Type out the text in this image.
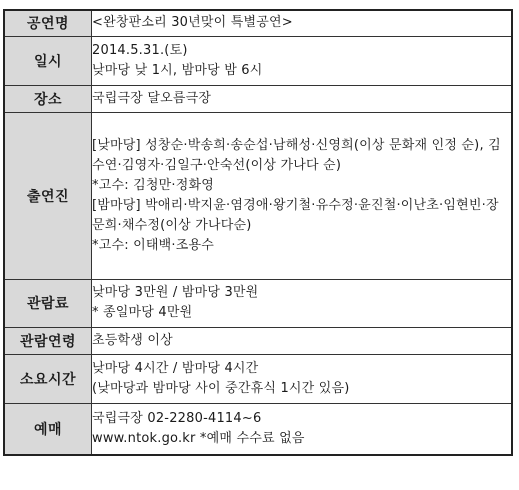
공연명	<완창판소리 30년맞이 특별공연>

일시	2014.5.31.(토)
낮마당 낮 1시, 밤마당 밤 6시

장소	국립극장 달오름극장

출연진	[낮마당] 성창순·박송희·송순섭·남해성·신영희(이상 문화재 인정 순), 김수연·김영자·김일구·안숙선(이상 가나다 순)
*고수: 김청만·정화영
[밤마당] 박애리·박지윤·염경애·왕기철·유수정·윤진철·이난초·임현빈·장문희·채수정(이상 가나다순)
*고수: 이태백·조용수

관람료	낮마당 3만원 / 밤마당 3만원
* 종일마당 4만원

관람연령	초등학생 이상

소요시간	낮마당 4시간 / 밤마당 4시간
(낮마당과 밤마당 사이 중간휴식 1시간 있음)

예매	국립극장 02-2280-4114~6
www.ntok.go.kr *예매 수수료 없음
